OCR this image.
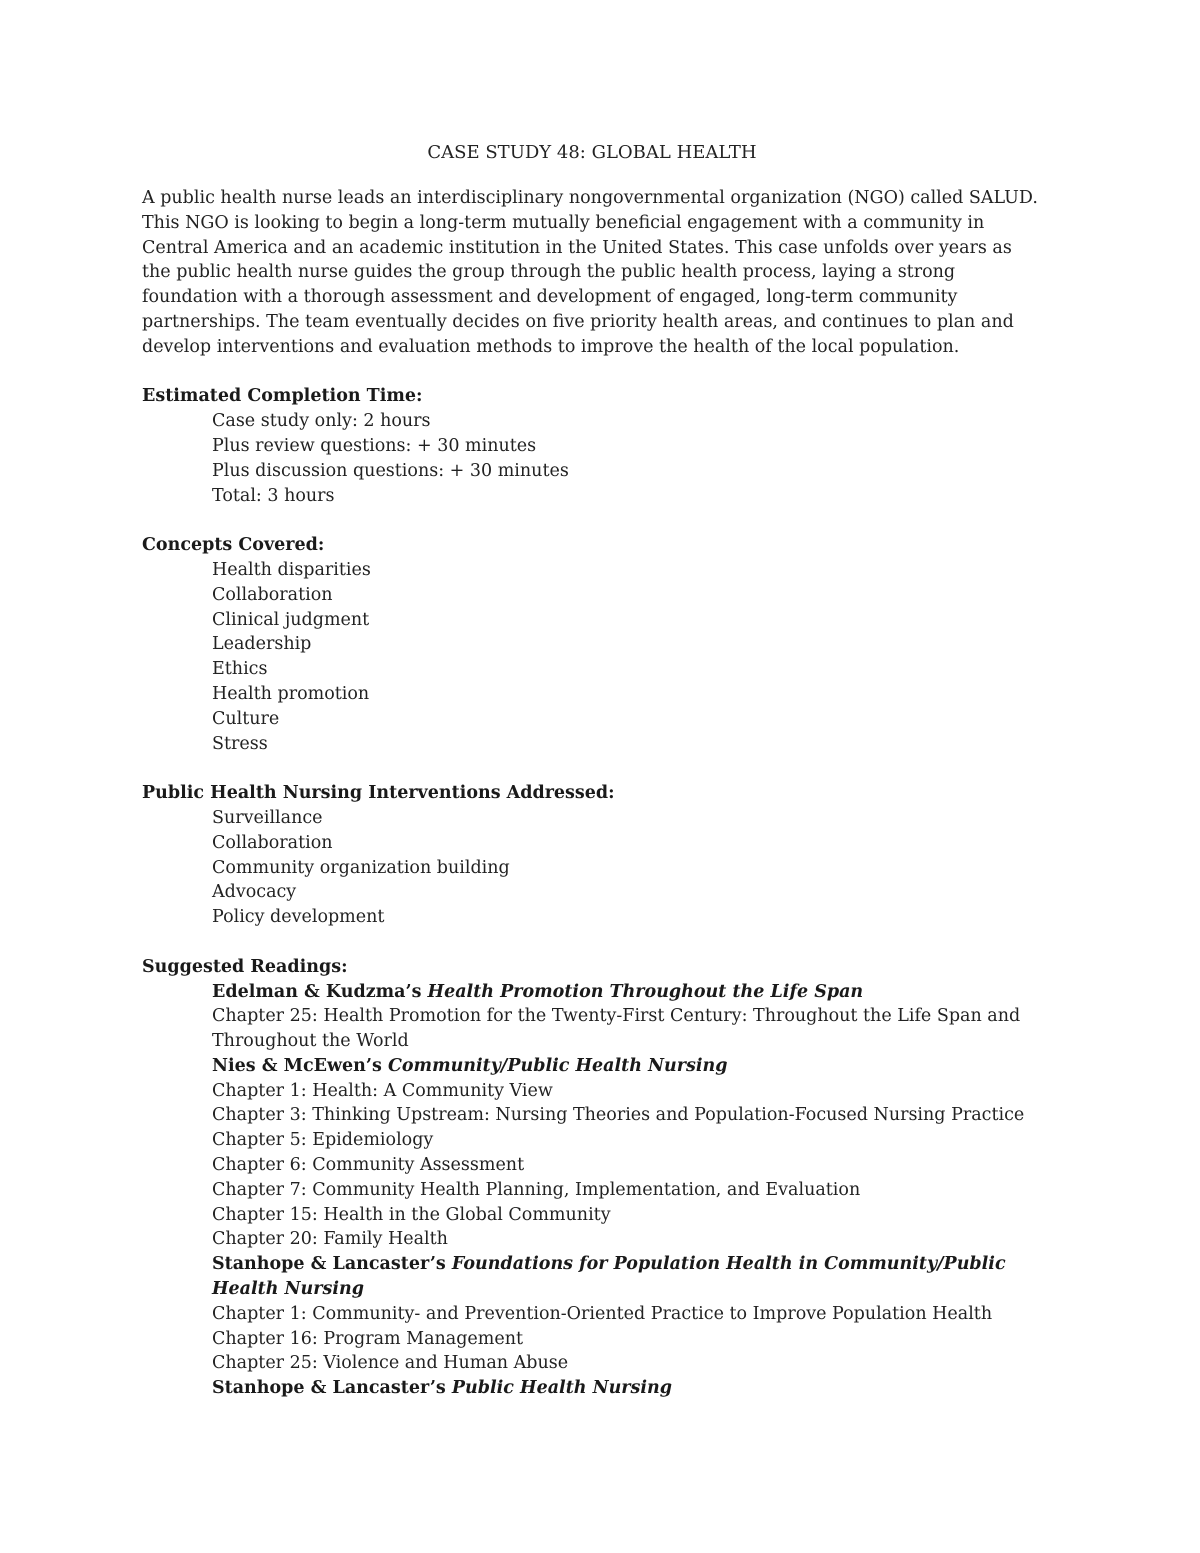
CASE STUDY 48: GLOBAL HEALTH

A public health nurse leads an interdisciplinary nongovernmental organization (NGO) called SALUD. This NGO is looking to begin a long-term mutually beneficial engagement with a community in Central America and an academic institution in the United States. This case unfolds over years as the public health nurse guides the group through the public health process, laying a strong foundation with a thorough assessment and development of engaged, long-term community partnerships. The team eventually decides on five priority health areas, and continues to plan and develop interventions and evaluation methods to improve the health of the local population.

Estimated Completion Time:

Case study only: 2 hours
Plus review questions: + 30 minutes
Plus discussion questions: + 30 minutes
Total: 3 hours

Concepts Covered:

Health disparities
Collaboration
Clinical judgment
Leadership
Ethics
Health promotion
Culture
Stress

Public Health Nursing Interventions Addressed:

Surveillance
Collaboration
Community organization building
Advocacy
Policy development

Suggested Readings:

Edelman & Kudzma’s Health Promotion Throughout the Life Span
Chapter 25: Health Promotion for the Twenty-First Century: Throughout the Life Span and Throughout the World
Nies & McEwen’s Community/Public Health Nursing
Chapter 1: Health: A Community View
Chapter 3: Thinking Upstream: Nursing Theories and Population-Focused Nursing Practice
Chapter 5: Epidemiology
Chapter 6: Community Assessment
Chapter 7: Community Health Planning, Implementation, and Evaluation
Chapter 15: Health in the Global Community
Chapter 20: Family Health
Stanhope & Lancaster’s Foundations for Population Health in Community/Public Health Nursing
Chapter 1: Community- and Prevention-Oriented Practice to Improve Population Health
Chapter 16: Program Management
Chapter 25: Violence and Human Abuse
Stanhope & Lancaster’s Public Health Nursing
